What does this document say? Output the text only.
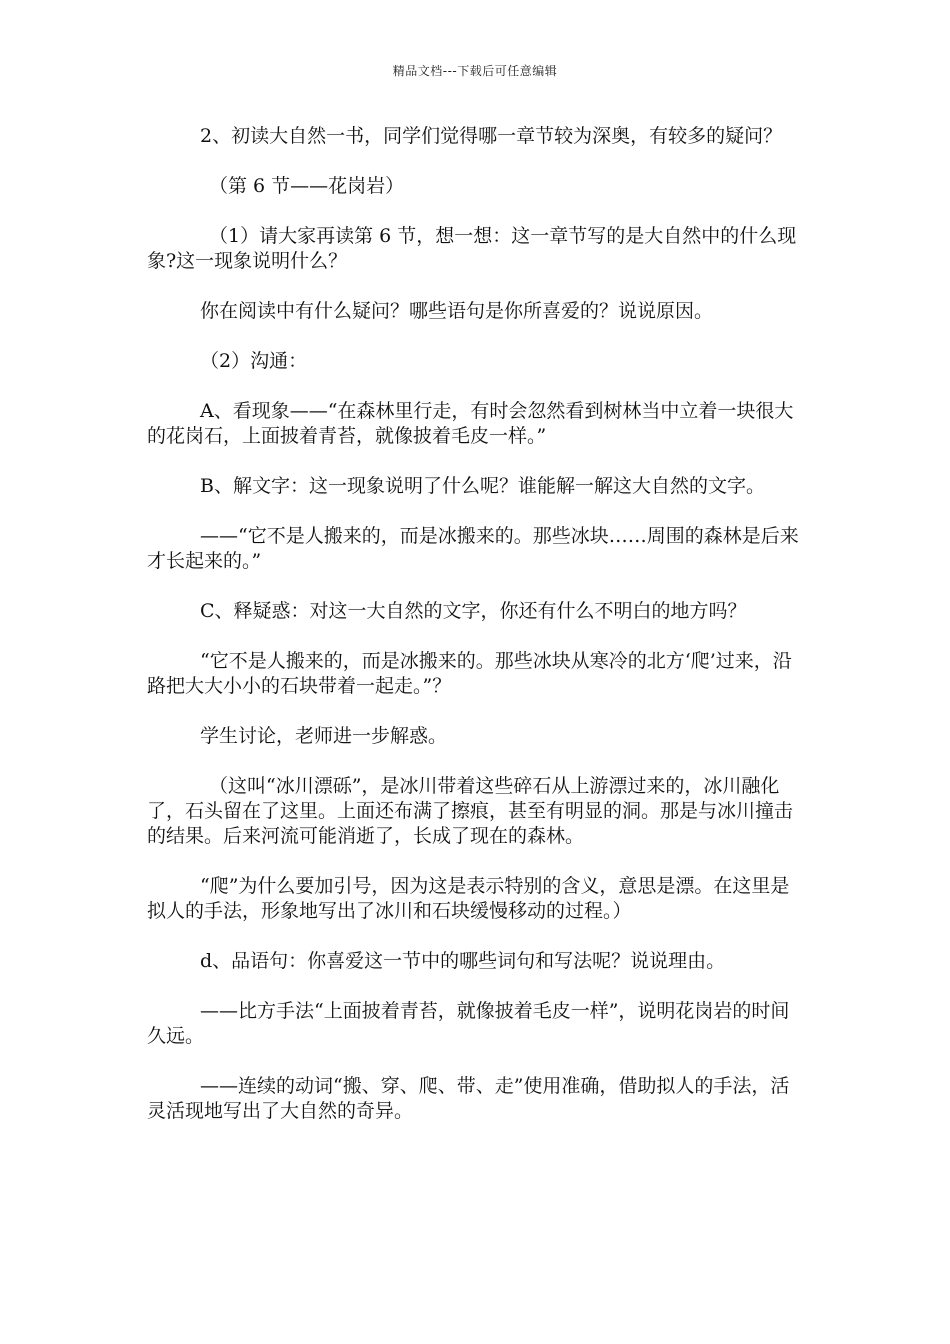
精品文档---下载后可任意编辑

2、初读大自然一书，同学们觉得哪一章节较为深奥，有较多的疑问？

（第 6 节——花岗岩）

（1）请大家再读第 6 节，想一想：这一章节写的是大自然中的什么现象?这一现象说明什么？

你在阅读中有什么疑问？哪些语句是你所喜爱的？说说原因。

（2）沟通：

A、看现象——“在森林里行走，有时会忽然看到树林当中立着一块很大的花岗石，上面披着青苔，就像披着毛皮一样。”

B、解文字：这一现象说明了什么呢？谁能解一解这大自然的文字。

——“它不是人搬来的，而是冰搬来的。那些冰块……周围的森林是后来才长起来的。”

C、释疑惑：对这一大自然的文字，你还有什么不明白的地方吗？

“它不是人搬来的，而是冰搬来的。那些冰块从寒冷的北方‘爬’过来，沿路把大大小小的石块带着一起走。”？

学生讨论，老师进一步解惑。

（这叫“冰川漂砾”，是冰川带着这些碎石从上游漂过来的，冰川融化了，石头留在了这里。上面还布满了擦痕，甚至有明显的洞。那是与冰川撞击的结果。后来河流可能消逝了，长成了现在的森林。

“爬”为什么要加引号，因为这是表示特别的含义，意思是漂。在这里是拟人的手法，形象地写出了冰川和石块缓慢移动的过程。）

d、品语句：你喜爱这一节中的哪些词句和写法呢？说说理由。

——比方手法“上面披着青苔，就像披着毛皮一样”，说明花岗岩的时间久远。

——连续的动词“搬、穿、爬、带、走”使用准确，借助拟人的手法，活灵活现地写出了大自然的奇异。
